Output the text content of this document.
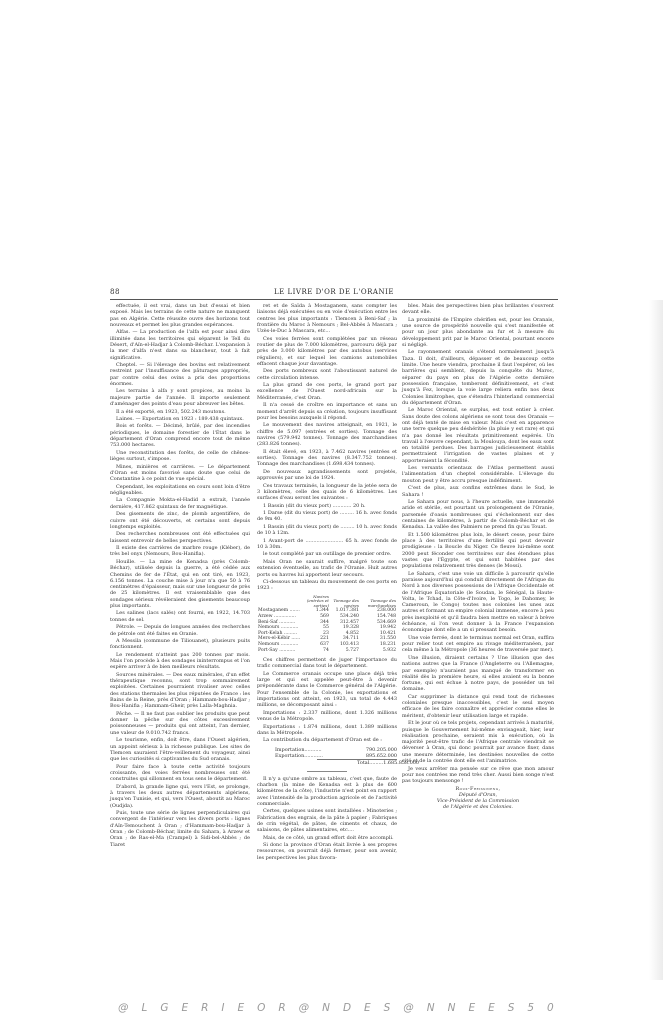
88	LE LIVRE D'OR DE L'ORANIE

effectuée, il est vrai, dans un but d'essai et bien exposé. Mais les terrains de cette nature ne manquent pas en Algérie. Cette réussite ouvre des horizons tout nouveaux et permet les plus grandes espérances.

Alfas. — La production de l'alfa est pour ainsi dire illimitée dans les territoires qui séparent le Tell du Désert, d'Aïn-el-Hadjar à Colomb-Béchar. L'expansion à la mer d'alfa n'est dans sa blancheur, tout à fait significative.

Cheptel. — Si l'élevage des bovins est relativement restreint par l'insuffisance des pâturages appropriés, par contre celui des ovins a pris des proportions énormes.

Les terrains à alfa y sont propices, au moins la majeure partie de l'année. Il importe seulement d'aménager des points d'eau pour abreuver les bêtes.

Il a été exporté, en 1923, 502.243 moutons.

Laines. — Exportation en 1923 : 189.438 quintaux.

Bois et forêts. — Décimé, brûlé, par des incendies périodiques, le domaine forestier de l'État dans le département d'Oran comprend encore tout de même 753.000 hectares.

Une reconstitution des forêts, de celle de chênes-lièges surtout, s'impose.

Mines, minières et carrières. — Le département d'Oran est moins favorisé sans doute que celui de Constantine à ce point de vue spécial.

Cependant, les exploitations en cours sont loin d'être négligeables.

La Compagnie Mokta-el-Hadid a extrait, l'année dernière, 417.862 quintaux de fer magnétique.

Des gisements de zinc, de plomb argentifère, de cuivre ont été découverts, et certains sont depuis longtemps exploités.

Des recherches nombreuses ont été effectuées qui laissent entrevoir de belles perspectives.

Il existe des carrières de marbre rouge (Kléber), de très bel onyx (Nemours, Bou-Hanifia).

Houille. — La mine de Kenadsa (près Colomb-Béchar), utilisée depuis la guerre, a été cédée aux Chemins de fer de l'État, qui en ont tiré, en 1923, 6.156 tonnes. La couche mise à jour n'a que 50 à 76 centimètres d'épaisseur, mais sur une longueur de près de 25 kilomètres. Il est vraisemblable que des sondages sérieux révéleraient des gisements beaucoup plus importants.

Les salines (lacs salés) ont fourni, en 1922, 14.703 tonnes de sel.

Pétrole. — Depuis de longues années des recherches de pétrole ont été faites en Oranie.

A Messila (commune de Tiliouanet), plusieurs puits fonctionnent.

Le rendement n'atteint pas 200 tonnes par mois. Mais l'on procède à des sondages ininterrompus et l'on espère arriver à de bien meilleurs résultats.

Sources minérales. — Des eaux minérales, d'un effet thérapeutique reconnu, sont trop sommairement exploitées. Certaines pourraient rivaliser avec celles des stations thermales les plus réputées de France : les Bains de la Reine, près d'Oran ; Hammam-bou-Hadjar ; Bou-Hanifia ; Hammam-Gheir, près Lalla-Maghnia.

Pêche. — Il ne faut pas oublier les produits que peut donner la pêche sur des côtes excessivement poissonneuses — produits qui ont atteint, l'an dernier, une valeur de 9.010.742 francs.

Le tourisme, enfin, doit être, dans l'Ouest algérien, un appoint sérieux à la richesse publique. Les sites de Tlemcen sauraient l'être-veillement du voyageur, ainsi que les curiosités si captivantes du Sud oranais.

Pour faire face à toute cette activité toujours croissante, des voies ferrées nombreuses ont été construites qui sillonnent en tous sens le département.

D'abord, la grande ligne qui, vers l'Est, se prolonge, à travers les deux autres départements algériens, jusqu'en Tunisie, et qui, vers l'Ouest, aboutit au Maroc (Oudjda).

Puis, toute une série de lignes perpendiculaires qui convergent de l'intérieur vers les divers ports : lignes d'Aïn-Temouchent à Oran ; d'Hammam-bou-Hadjar à Oran ; de Colomb-Béchar, limite du Sahara, à Arzew et Oran ; de Ras-el-Ma (Crampel) à Sidi-bel-Abbès ; de Tiaret

ret et de Saïda à Mostaganem, sans compter les liaisons déjà exécutées ou en voie d'exécution entre les centres les plus importants : Tlemcen à Beni-Saf ; la frontière du Maroc à Nemours ; Bel-Abbès à Mascara ; Uzès-le-Duc à Mascara, etc...

Ces voies ferrées sont complétées par un réseau routier de plus de 7.000 kilomètres, parcouru déjà par près de 3.000 kilomètres par des autobus (services réguliers), et sur lequel les camions automobiles effacent chaque jour davantage.

Des ports nombreux sont l'aboutissant naturel de cette circulation intense.

La plus grand de ces ports, le grand port par excellence de l'Ouest nord-africain sur la Méditerranée, c'est Oran.

Il n'a cessé de croître en importance et sans un moment d'arrêt depuis sa création, toujours insuffisant pour les besoins auxquels il répond.

Le mouvement des navires atteignait, en 1921, le chiffre de 5.097 (entrées et sorties). Tonnage des navires (579.942 tonnes). Tonnage des marchandises (283.826 tonnes).

Il était élevé, en 1923, à 7.462 navires (entrées et sorties). Tonnage des navires (8.347.752 tonnes). Tonnage des marchandises (1.698.434 tonnes).

De nouveaux agrandissements sont projetés, approuvés par une loi de 1924.

Ces travaux terminés, la longueur de la jetée sera de 3 kilomètres, celle des quais de 6 kilomètres. Les surfaces d'eau seront les suivantes :

1 Bassin (dit du vieux port) ............ 20 h.

1 Darse (dit du vieux port) de ......... 16 h. avec fonds de 9m 40.

1 Bassin (dit du vieux port) de ......... 10 h. avec fonds de 10 à 12m.

1 Avant-port de ........................ 65 h. avec fonds de 10 à 30m.

le tout complété par un outillage de premier ordre.

Mais Oran ne saurait suffire, malgré toute son extension éventuelle, au trafic de l'Oranie. Huit autres ports ou havres lui apportent leur secours.

Ci-dessous un tableau du mouvement de ces ports en 1923 :

	Navires (entrées et sorties)	Tonnage des navires	Tonnage des marchandises
Mostaganem .......	1.344	1.017.381	238.000
Arzew ...............	569	534.240	154.748
Beni-Saf ...........	344	312.457	534.669
Nemours ............	55	19.328	19.942
Port-Kelah .........	23	4.852	10.421
Mers-el-Kébir ......	221	34.711	31.550
Nemours ............	637	103.413	18.231
Port-Say ...........	74	5.727	5.932

Ces chiffres permettent de juger l'importance du trafic commercial dans tout le département.

Le Commerce oranais occupe une place déjà très large et qui est appelée peut-être à devenir prépondérante dans le Commerce général de l'Algérie. Pour l'ensemble de la Colonie, les exportations et importations ont atteint, en 1923, un total de 4.443 millions, se décomposant ainsi :

Importations : 2.337 millions, dont 1.326 millions venus de la Métropole.

Exportations : 1.874 millions, dont 1.389 millions dans la Métropole.

La contribution du département d'Oran est de :

Importation...........	790.205.000
Exportation............	895.652.000
Total......... 1.685.858.000

Il n'y a qu'une ombre au tableau, c'est que, faute de charbon (la mine de Kenadsa est à plus de 600 kilomètres de la côte), l'industrie n'est point en rapport avec l'intensité de la production agricole et de l'activité commerciale.

Certes, quelques usines sont installées : Minoteries ; Fabrication des engrais, de la pâte à papier ; Fabriques de crin végétal, de pâtes, de ciments et chaux, de salaisons, de pâtes alimentaires, etc....

Mais, de ce côté, un grand effort doit être accompli.

Si donc la province d'Oran était livrée à ses propres ressources, on pourrait déjà fermer, pour son avenir, les perspectives les plus favora-

bles. Mais des perspectives bien plus brillantes s'ouvrent devant elle.

La proximité de l'Empire chérifien est, pour les Oranais, une source de prospérité nouvelle qui s'est manifestée et pour un jour plus abondante au fur et à mesure du développement prit par le Maroc Oriental, pourtant encore si négligé.

Le rayonnement oranais s'étend normalement jusqu'à Taza. Il doit, d'ailleurs, dépasser et de beaucoup cette limite. Une heure viendra, prochaine il faut l'espérer, où les barrières qui semblent, depuis la conquête du Maroc, séparer du pays en plus de l'Algérie cette dernière possession française, tomberont définitivement, et c'est jusqu'à Fez, lorsque la voie large reliera enfin nos deux Colonies limitrophes, que s'étendra l'hinterland commercial du département d'Oran.

Le Maroc Oriental, se surplus, est tout entier à créer. Sans doute des colons algériens se sont tous des Oranais — ont déjà tenté de mise en valeur. Mais c'est en apparence une terre quelque peu déshéritée (la pluie y est rare) et qui n'a pas donné les résultats primitivement espérés. Un travail à l'œuvre cependant, la Moulouya, dont les eaux sont en totalité perdues. Des barrages judicieusement établis permettraient l'irrigation de vastes plaines et y apporteraient la fécondité.

Les versants orientaux de l'Atlas permettent aussi l'alimentation d'un cheptel considérable. L'élevage du mouton peut y être accru presque indéfiniment.

C'est de plus, aux confins extrêmes dans le Sud, le Sahara !

Le Sahara pour nous, à l'heure actuelle, une immensité aride et stérile, est pourtant un prolongement de l'Oranie, parsemée d'oasis nombreuses qui s'échelonnent sur des centaines de kilomètres, à partir de Colomb-Béchar et de Kenadsa. La vallée des Palmiers ne prend fin qu'au Touat.

Et 1.500 kilomètres plus loin, le désert cesse, pour faire place à des territoires d'une fertilité qui peut devenir prodigieuse : la Boucle du Niger. Ce fleuve lui-même sont 2000 peut féconder ces territoires sur des étendues plus vastes que l'Égypte, et qui sont habitées par des populations relativement très denses (le Mossi).

Le Sahara, c'est une voie un difficile à parcourir qu'elle paraisse aujourd'hui qui conduit directement de l'Afrique du Nord à nos diverses possessions de l'Afrique Occidentale et de l'Afrique Équatoriale (le Soudan, le Sénégal, la Haute-Volta, le Tchad, la Côte-d'Ivoire, le Togo, le Dahomey, le Cameroun, le Congo) toutes nos colonies les unes aux autres et formant un empire colonial immense, encore à peu près inexploité et qu'il faudra bien mettre en valeur à brève échéance, si l'on veut donner à la France l'expansion économique dont elle a un si pressant besoin.

Une voie ferrée, dont le terminus normal est Oran, suffira pour relier tout cet empire au rivage méditerranéen, par cela même à la Métropole (36 heures de traversée par mer).

Une illusion, diraient certains ? Une illusion que des nations autres que la France (l'Angleterre ou l'Allemagne, par exemple) n'auraient pas manqué de transformer en réalité dès la première heure, si elles avaient eu la bonne fortune, qui est échue à notre pays, de posséder un tel domaine.

Car supprimer la distance qui rend tout de richesses coloniales presque inaccessibles, c'est le seul moyen efficace de les faire connaître et apprécier comme elles le méritent, d'obtenir leur utilisation large et rapide.

Et le jour où ce tels projets, cependant arrivés à maturité, puisque le Gouvernement lui-même envisageait, hier, leur réalisation prochaine, seraient mis à exécution, où la majorité peut-être trafic de l'Afrique centrale viendrait se déverser à Oran, qui donc pourrait par avance fixer, dans une mesure déterminée, les destinées nouvelles de cette cité et de la contrée dont elle est l'animatrice.

Je veux arrêter ma pensée sur ce rêve que mon amour pour nos contrées me rend très cher. Aussi bien songe n'est pas toujours mensonge !

Roux-Freissineng,
Député d'Oran,
Vice-Président de la Commission
de l'Algérie et des Colonies.
@ L G E R I E O R @ N D E S @ N N E E S 5 0
